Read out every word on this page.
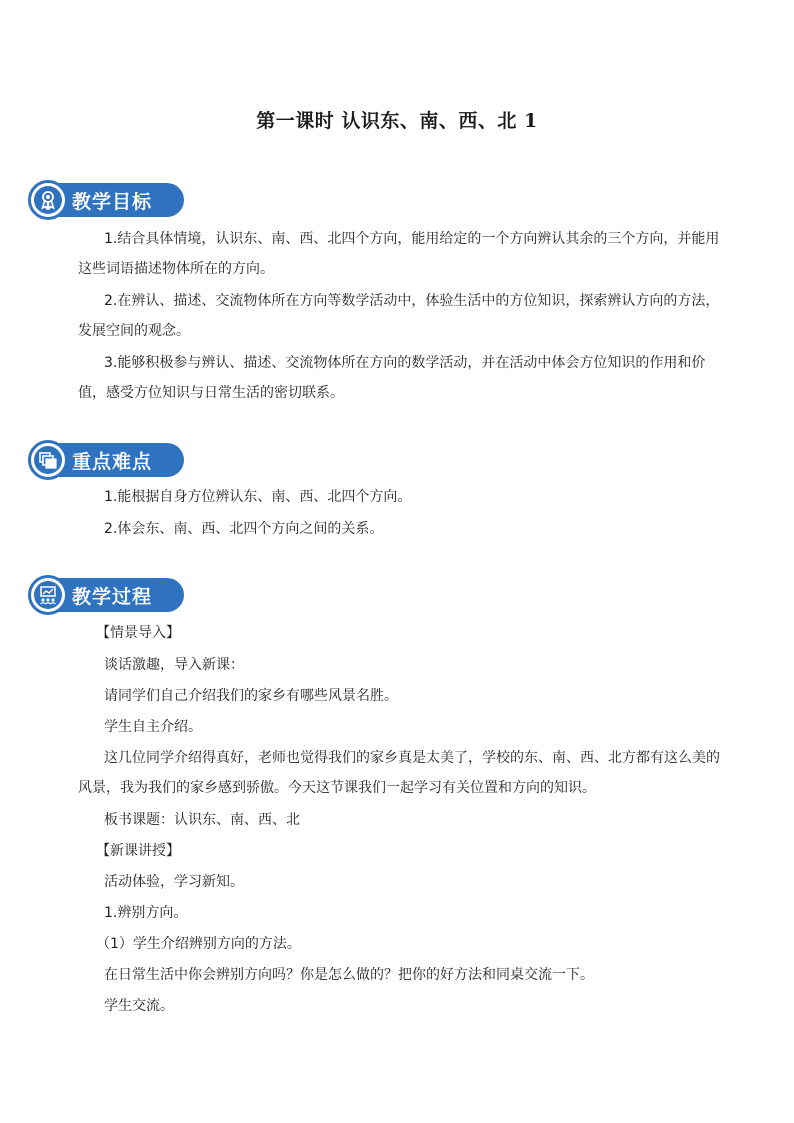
第一课时 认识东、南、西、北 1
教学目标
1.结合具体情境，认识东、南、西、北四个方向，能用给定的一个方向辨认其余的三个方向，并能用这些词语描述物体所在的方向。
2.在辨认、描述、交流物体所在方向等数学活动中，体验生活中的方位知识，探索辨认方向的方法，发展空间的观念。
3.能够积极参与辨认、描述、交流物体所在方向的数学活动，并在活动中体会方位知识的作用和价值，感受方位知识与日常生活的密切联系。
重点难点
1.能根据自身方位辨认东、南、西、北四个方向。
2.体会东、南、西、北四个方向之间的关系。
教学过程
【情景导入】
谈话激趣，导入新课：
请同学们自己介绍我们的家乡有哪些风景名胜。
学生自主介绍。
这几位同学介绍得真好，老师也觉得我们的家乡真是太美了，学校的东、南、西、北方都有这么美的风景，我为我们的家乡感到骄傲。今天这节课我们一起学习有关位置和方向的知识。
板书课题：认识东、南、西、北
【新课讲授】
活动体验，学习新知。
1.辨别方向。
（1）学生介绍辨别方向的方法。
在日常生活中你会辨别方向吗？你是怎么做的？把你的好方法和同桌交流一下。
学生交流。
